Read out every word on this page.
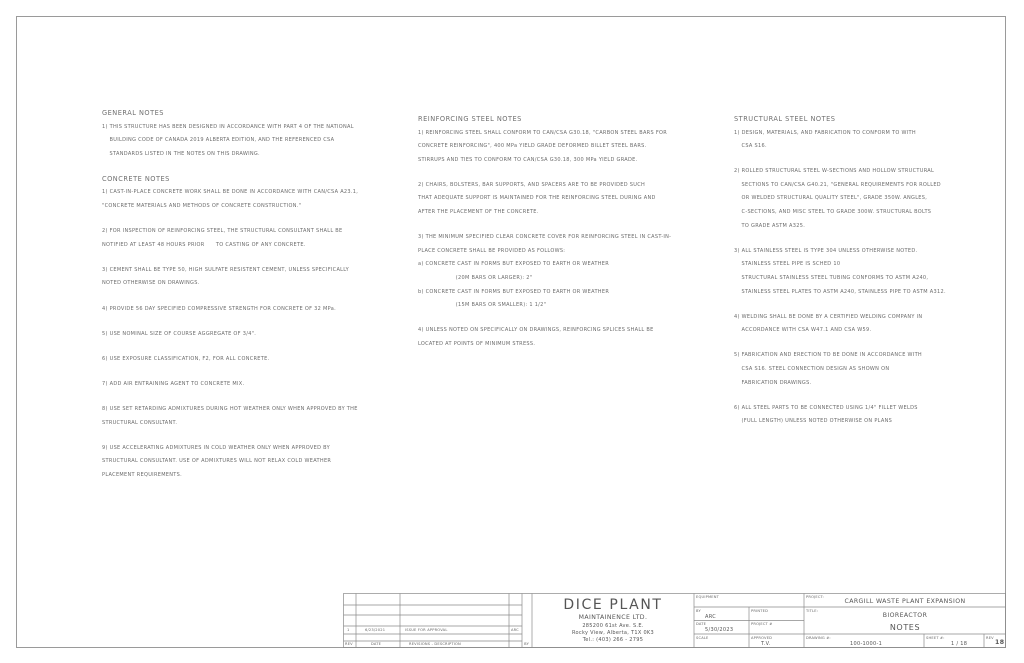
GENERAL NOTES
1) THIS STRUCTURE HAS BEEN DESIGNED IN ACCORDANCE WITH PART 4 OF THE NATIONAL
BUILDING CODE OF CANADA 2019 ALBERTA EDITION, AND THE REFERENCED CSA
STANDARDS LISTED IN THE NOTES ON THIS DRAWING.
CONCRETE NOTES
1) CAST-IN-PLACE CONCRETE WORK SHALL BE DONE IN ACCORDANCE WITH CAN/CSA A23.1,
"CONCRETE MATERIALS AND METHODS OF CONCRETE CONSTRUCTION."
2) FOR INSPECTION OF REINFORCING STEEL, THE STRUCTURAL CONSULTANT SHALL BE
NOTIFIED AT LEAST 48 HOURS PRIOR      TO CASTING OF ANY CONCRETE.
3) CEMENT SHALL BE TYPE 50, HIGH SULFATE RESISTENT CEMENT, UNLESS SPECIFICALLY
NOTED OTHERWISE ON DRAWINGS.
4) PROVIDE 56 DAY SPECIFIED COMPRESSIVE STRENGTH FOR CONCRETE OF 32 MPa.
5) USE NOMINAL SIZE OF COURSE AGGREGATE OF 3/4".
6) USE EXPOSURE CLASSIFICATION, F2, FOR ALL CONCRETE.
7) ADD AIR ENTRAINING AGENT TO CONCRETE MIX.
8) USE SET RETARDING ADMIXTURES DURING HOT WEATHER ONLY WHEN APPROVED BY THE
STRUCTURAL CONSULTANT.
9) USE ACCELERATING ADMIXTURES IN COLD WEATHER ONLY WHEN APPROVED BY
STRUCTURAL CONSULTANT. USE OF ADMIXTURES WILL NOT RELAX COLD WEATHER
PLACEMENT REQUIREMENTS.
REINFORCING STEEL NOTES
1) REINFORCING STEEL SHALL CONFORM TO CAN/CSA G30.18, "CARBON STEEL BARS FOR
CONCRETE REINFORCING", 400 MPa YIELD GRADE DEFORMED BILLET STEEL BARS.
STIRRUPS AND TIES TO CONFORM TO CAN/CSA G30.18, 300 MPa YIELD GRADE.
2) CHAIRS, BOLSTERS, BAR SUPPORTS, AND SPACERS ARE TO BE PROVIDED SUCH
THAT ADEQUATE SUPPORT IS MAINTAINED FOR THE REINFORCING STEEL DURING AND
AFTER THE PLACEMENT OF THE CONCRETE.
3) THE MINIMUM SPECIFIED CLEAR CONCRETE COVER FOR REINFORCING STEEL IN CAST-IN-
PLACE CONCRETE SHALL BE PROVIDED AS FOLLOWS:
a) CONCRETE CAST IN FORMS BUT EXPOSED TO EARTH OR WEATHER
(20M BARS OR LARGER): 2"
b) CONCRETE CAST IN FORMS BUT EXPOSED TO EARTH OR WEATHER
(15M BARS OR SMALLER): 1 1/2"
4) UNLESS NOTED ON SPECIFICALLY ON DRAWINGS, REINFORCING SPLICES SHALL BE
LOCATED AT POINTS OF MINIMUM STRESS.
STRUCTURAL STEEL NOTES
1) DESIGN, MATERIALS, AND FABRICATION TO CONFORM TO WITH
CSA S16.
2) ROLLED STRUCTURAL STEEL W-SECTIONS AND HOLLOW STRUCTURAL
SECTIONS TO CAN/CSA G40.21, "GENERAL REQUIREMENTS FOR ROLLED
OR WELDED STRUCTURAL QUALITY STEEL", GRADE 350W. ANGLES,
C-SECTIONS, AND MISC STEEL TO GRADE 300W. STRUCTURAL BOLTS
TO GRADE ASTM A325.
3) ALL STAINLESS STEEL IS TYPE 304 UNLESS OTHERWISE NOTED.
STAINLESS STEEL PIPE IS SCHED 10
STRUCTURAL STAINLESS STEEL TUBING CONFORMS TO ASTM A240,
STAINLESS STEEL PLATES TO ASTM A240, STAINLESS PIPE TO ASTM A312.
4) WELDING SHALL BE DONE BY A CERTIFIED WELDING COMPANY IN
ACCORDANCE WITH CSA W47.1 AND CSA W59.
5) FABRICATION AND ERECTION TO BE DONE IN ACCORDANCE WITH
CSA S16. STEEL CONNECTION DESIGN AS SHOWN ON
FABRICATION DRAWINGS.
6) ALL STEEL PARTS TO BE CONNECTED USING 1/4" FILLET WELDS
(FULL LENGTH) UNLESS NOTED OTHERWISE ON PLANS
1	6/23/2021	ISSUE FOR APPROVAL	ARC
REV	DATE	REVISIONS - DESCRIPTION	BY
DICE PLANT
MAINTAINENCE LTD.
285200 61st Ave. S.E.
Rocky View, Alberta, T1X 0K3
Tel.: (403) 266 - 2795
EQUIPMENT
BY
ARC
PRINTED
DATE
5/30/2023
PROJECT #
SCALE	APPROVED
T.V.
PROJECT:
CARGILL WASTE PLANT EXPANSION
TITLE:
BIOREACTOR
NOTES
DRAWING #:
100-1000-1
SHEET #:
1 / 18
REV
18
